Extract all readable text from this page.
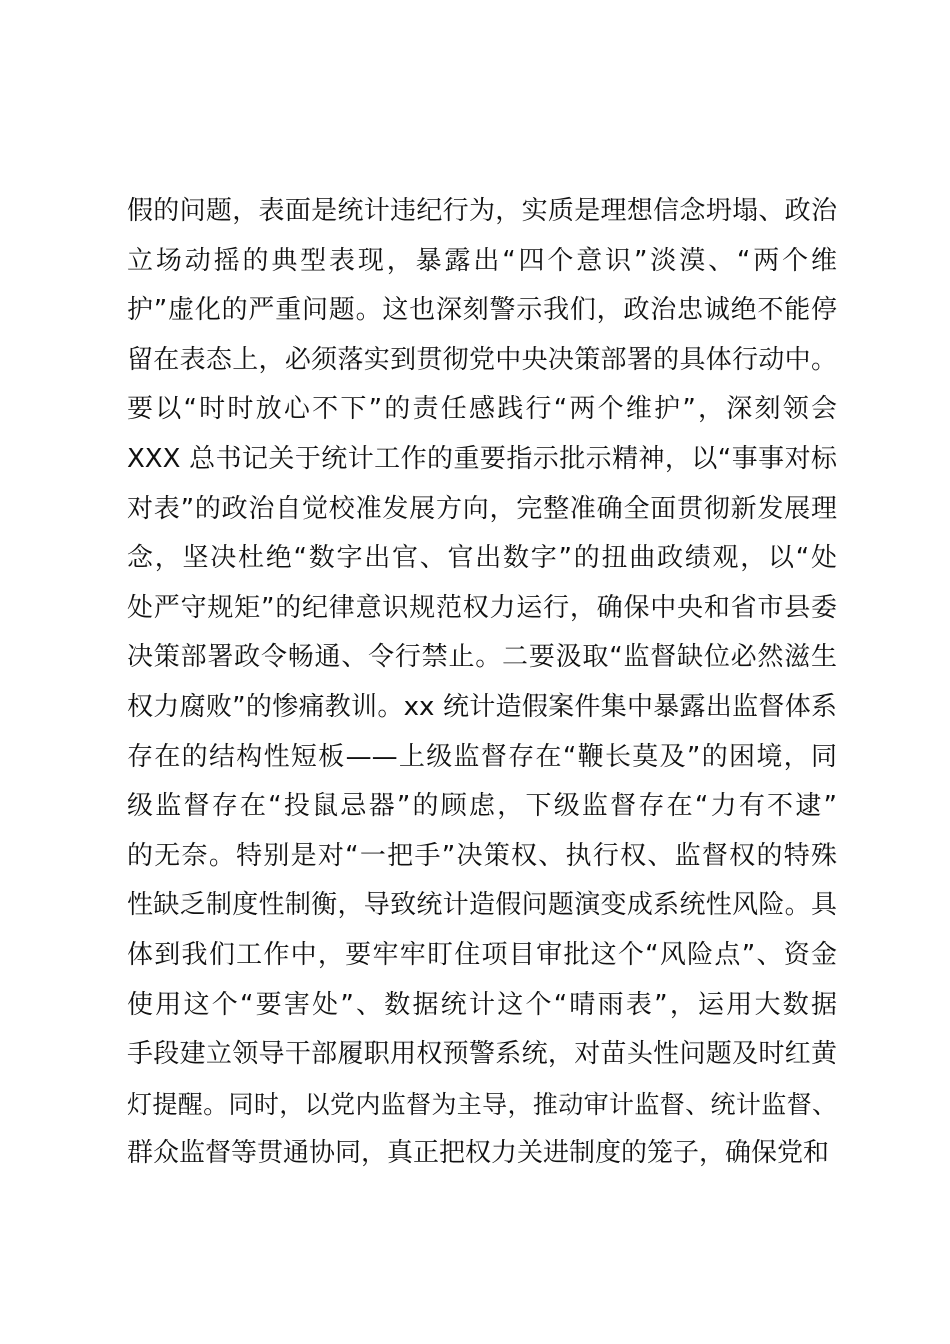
假的问题，表面是统计违纪行为，实质是理想信念坍塌、政治
立场动摇的典型表现，暴露出“四个意识”淡漠、“两个维
护”虚化的严重问题。这也深刻警示我们，政治忠诚绝不能停
留在表态上，必须落实到贯彻党中央决策部署的具体行动中。
要以“时时放心不下”的责任感践行“两个维护”，深刻领会
XXX 总书记关于统计工作的重要指示批示精神，以“事事对标
对表”的政治自觉校准发展方向，完整准确全面贯彻新发展理
念，坚决杜绝“数字出官、官出数字”的扭曲政绩观，以“处
处严守规矩”的纪律意识规范权力运行，确保中央和省市县委
决策部署政令畅通、令行禁止。二要汲取“监督缺位必然滋生
权力腐败”的惨痛教训。xx 统计造假案件集中暴露出监督体系
存在的结构性短板——上级监督存在“鞭长莫及”的困境，同
级监督存在“投鼠忌器”的顾虑，下级监督存在“力有不逮”
的无奈。特别是对“一把手”决策权、执行权、监督权的特殊
性缺乏制度性制衡，导致统计造假问题演变成系统性风险。具
体到我们工作中，要牢牢盯住项目审批这个“风险点”、资金
使用这个“要害处”、数据统计这个“晴雨表”，运用大数据
手段建立领导干部履职用权预警系统，对苗头性问题及时红黄
灯提醒。同时，以党内监督为主导，推动审计监督、统计监督、
群众监督等贯通协同，真正把权力关进制度的笼子，确保党和
